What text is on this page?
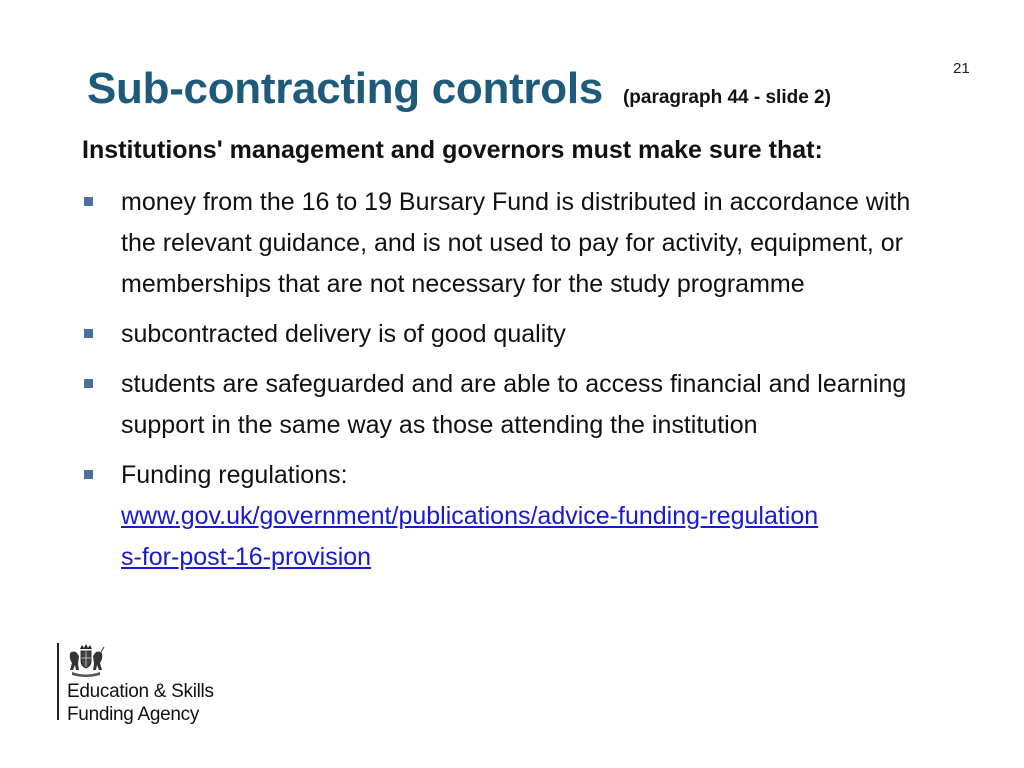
21
Sub-contracting controls (paragraph 44 - slide 2)
Institutions' management and governors must make sure that:
money from the 16 to 19 Bursary Fund is distributed in accordance with the relevant guidance, and is not used to pay for activity, equipment, or memberships that are not necessary for the study programme
subcontracted delivery is of good quality
students are safeguarded and are able to access financial and learning support in the same way as those attending the institution
Funding regulations:
www.gov.uk/government/publications/advice-funding-regulations-for-post-16-provision
Education & Skills
Funding Agency
